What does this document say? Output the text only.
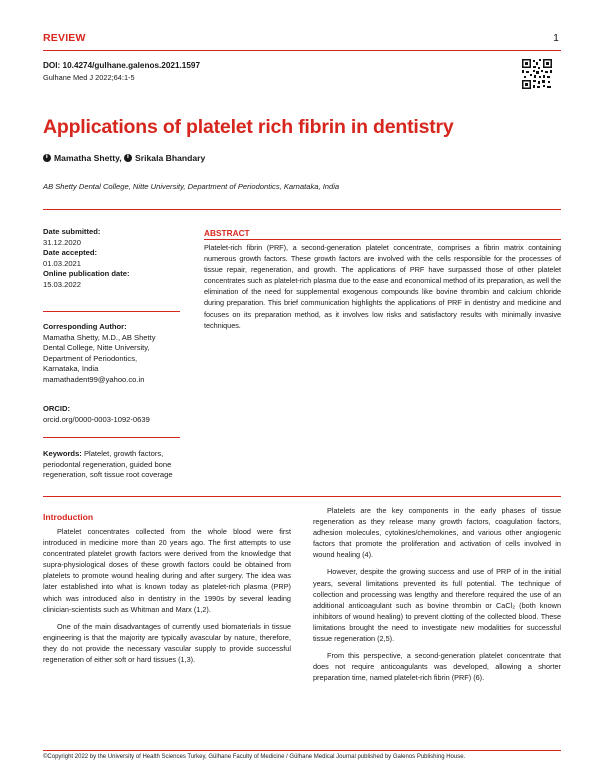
REVIEW	1
DOI: 10.4274/gulhane.galenos.2021.1597
Gulhane Med J 2022;64:1-5
Applications of platelet rich fibrin in dentistry
iMamatha Shetty, iSrikala Bhandary
AB Shetty Dental College, Nitte University, Department of Periodontics, Karnataka, India
Date submitted:
31.12.2020
Date accepted:
01.03.2021
Online publication date:
15.03.2022
Corresponding Author:
Mamatha Shetty, M.D., AB Shetty
Dental College, Nitte University,
Department of Periodontics,
Karnataka, India
mamathadent99@yahoo.co.in
ORCID:
orcid.org/0000-0003-1092-0639
Keywords: Platelet, growth factors, periodontal regeneration, guided bone regeneration, soft tissue root coverage
ABSTRACT
Platelet-rich fibrin (PRF), a second-generation platelet concentrate, comprises a fibrin matrix containing numerous growth factors. These growth factors are involved with the cells responsible for the processes of tissue repair, regeneration, and growth. The applications of PRF have surpassed those of other platelet concentrates such as platelet-rich plasma due to the ease and economical method of its preparation, as well the elimination of the need for supplemental exogenous compounds like bovine thrombin and calcium chloride during preparation. This brief communication highlights the applications of PRF in dentistry and medicine and focuses on its preparation method, as it involves low risks and satisfactory results with minimally invasive techniques.
Introduction

Platelet concentrates collected from the whole blood were first introduced in medicine more than 20 years ago. The first attempts to use concentrated platelet growth factors were derived from the knowledge that supra-physiological doses of these growth factors could be obtained from platelets to promote wound healing during and after surgery. The idea was later established into what is known today as platelet-rich plasma (PRP) which was introduced also in dentistry in the 1990s by several leading clinician-scientists such as Whitman and Marx (1,2).

One of the main disadvantages of currently used biomaterials in tissue engineering is that the majority are typically avascular by nature, therefore, they do not provide the necessary vascular supply to provide successful regeneration of either soft or hard tissues (1,3).

Platelets are the key components in the early phases of tissue regeneration as they release many growth factors, coagulation factors, adhesion molecules, cytokines/chemokines, and various other angiogenic factors that promote the proliferation and activation of cells involved in wound healing (4).

However, despite the growing success and use of PRP of in the initial years, several limitations prevented its full potential. The technique of collection and processing was lengthy and therefore required the use of an additional anticoagulant such as bovine thrombin or CaCl₂ (both known inhibitors of wound healing) to prevent clotting of the collected blood. These limitations brought the need to investigate new modalities for successful tissue regeneration (2,5).

From this perspective, a second-generation platelet concentrate that does not require anticoagulants was developed, allowing a shorter preparation time, named platelet-rich fibrin (PRF) (6).

©Copyright 2022 by the University of Health Sciences Turkey, Gülhane Faculty of Medicine / Gülhane Medical Journal published by Galenos Publishing House.
